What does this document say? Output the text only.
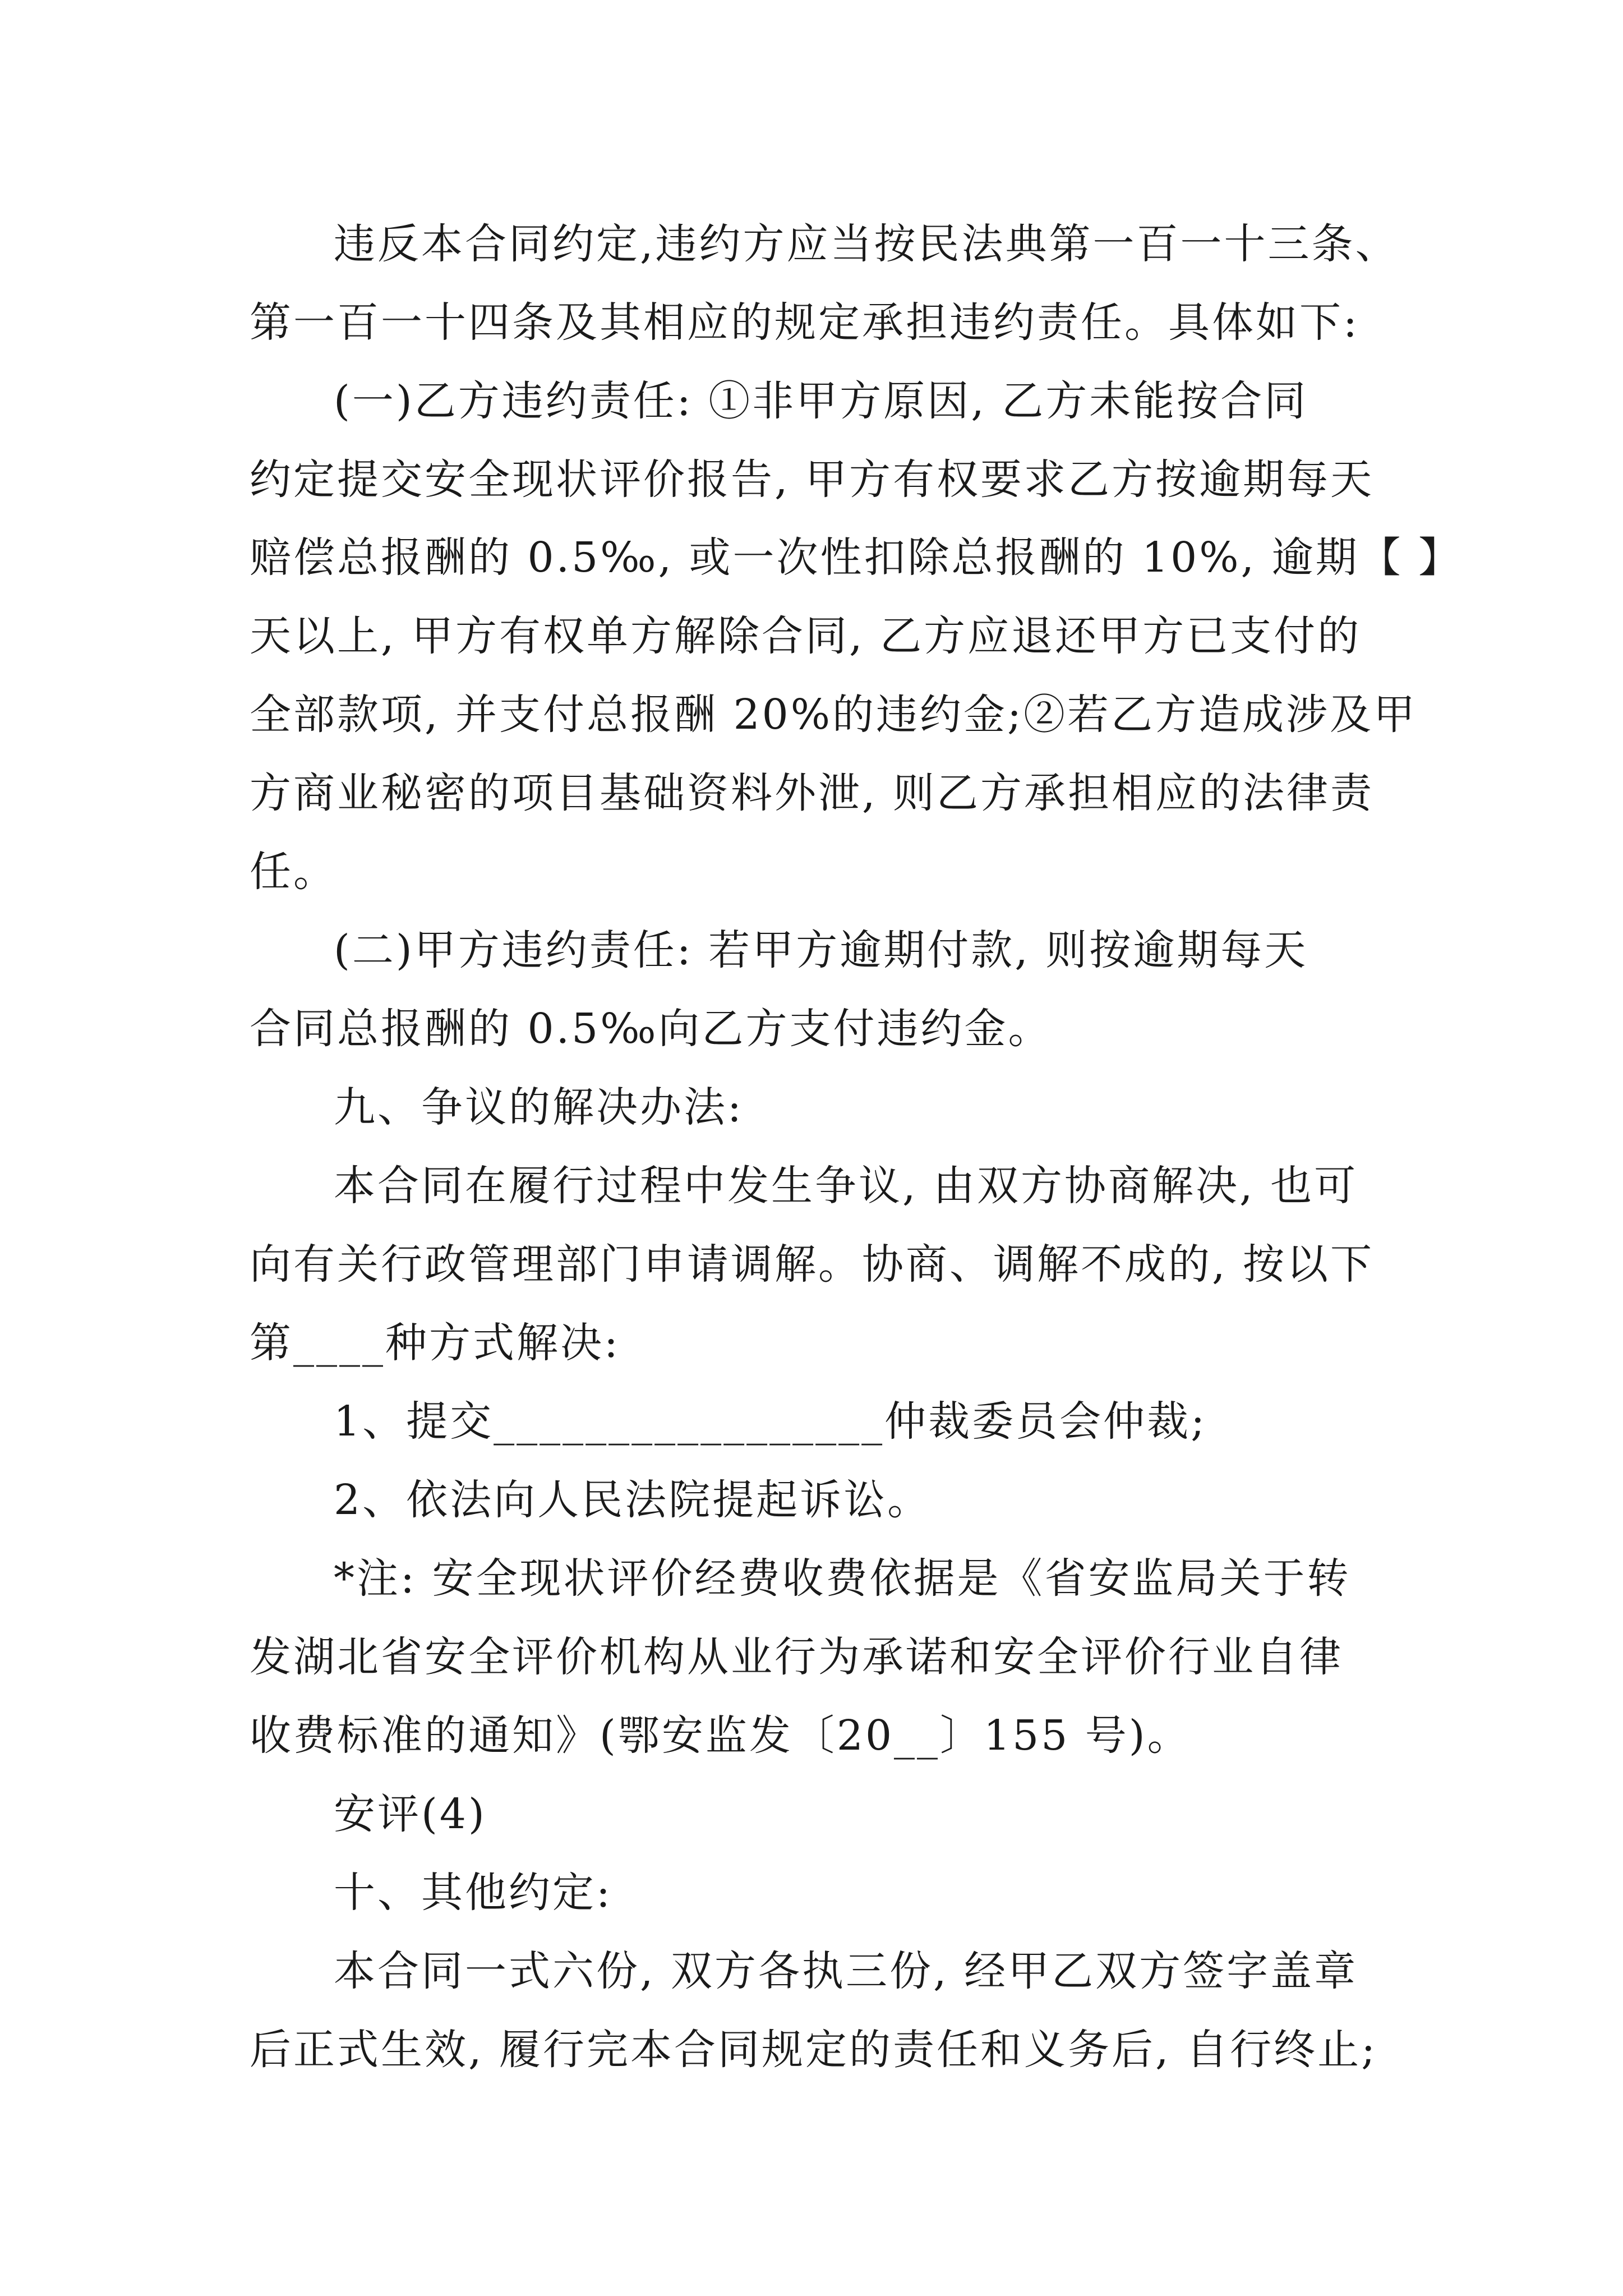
违反本合同约定,违约方应当按民法典第一百一十三条、
第一百一十四条及其相应的规定承担违约责任。具体如下:
(一)乙方违约责任: ①非甲方原因, 乙方未能按合同
约定提交安全现状评价报告, 甲方有权要求乙方按逾期每天
赔偿总报酬的 0.5‰, 或一次性扣除总报酬的 10%, 逾期【 】
天以上, 甲方有权单方解除合同, 乙方应退还甲方已支付的
全部款项, 并支付总报酬 20%的违约金;②若乙方造成涉及甲
方商业秘密的项目基础资料外泄, 则乙方承担相应的法律责
任。
(二)甲方违约责任: 若甲方逾期付款, 则按逾期每天
合同总报酬的 0.5‰向乙方支付违约金。
九、争议的解决办法:
本合同在履行过程中发生争议, 由双方协商解决, 也可
向有关行政管理部门申请调解。协商、调解不成的, 按以下
第____种方式解决:
1、提交_________________仲裁委员会仲裁;
2、依法向人民法院提起诉讼。
*注: 安全现状评价经费收费依据是《省安监局关于转
发湖北省安全评价机构从业行为承诺和安全评价行业自律
收费标准的通知》(鄂安监发〔20__〕155 号)。
安评(4)
十、其他约定:
本合同一式六份, 双方各执三份, 经甲乙双方签字盖章
后正式生效, 履行完本合同规定的责任和义务后, 自行终止;
